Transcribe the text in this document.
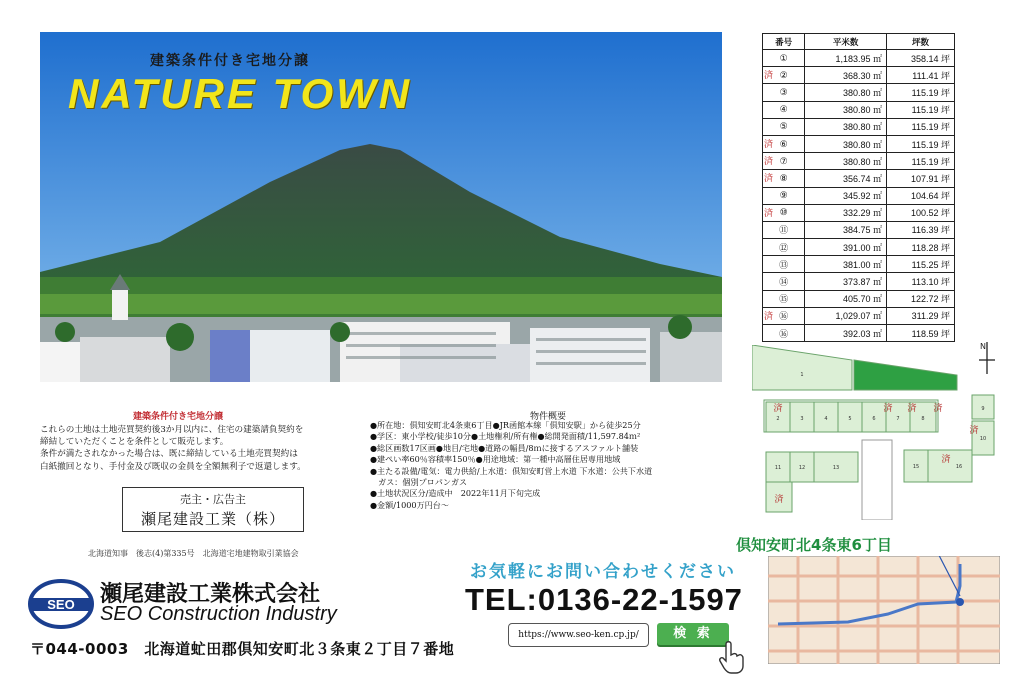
建築条件付き宅地分譲
NATURE TOWN
番号	平米数	坪数

①	1,183.95 ㎡	358.14 坪

済 ②	368.30 ㎡	111.41 坪

③	380.80 ㎡	115.19 坪

④	380.80 ㎡	115.19 坪

⑤	380.80 ㎡	115.19 坪

済 ⑥	380.80 ㎡	115.19 坪

済 ⑦	380.80 ㎡	115.19 坪

済 ⑧	356.74 ㎡	107.91 坪

⑨	345.92 ㎡	104.64 坪

済 ⑩	332.29 ㎡	100.52 坪

⑪	384.75 ㎡	116.39 坪

⑫	391.00 ㎡	118.28 坪

⑬	381.00 ㎡	115.25 坪

⑭	373.87 ㎡	113.10 坪

⑮	405.70 ㎡	122.72 坪

済 ⑯	1,029.07 ㎡	311.29 坪

⑯	392.03 ㎡	118.59 坪
建築条件付き宅地分譲
これらの土地は土地売買契約後3か月以内に、住宅の建築請負契約を
締結していただくことを条件として販売します。
条件が満たされなかった場合は、既に締結している土地売買契約は
白紙撤回となり、手付金及び既収の金員を全額無利子で返還します。
売主・広告主
瀬尾建設工業（株）
北海道知事　後志(4)第335号　北海道宅地建物取引業協会
SEO 瀬尾建設工業株式会社
SEO Construction Industry
〒044-0003　北海道虻田郡倶知安町北３条東２丁目７番地
物件概要
●所在地：倶知安町北4条東6丁目●JR函館本線「倶知安駅」から徒歩25分
●学区：東小学校/徒歩10分●土地権利/所有権●総開発面積/11,597.84ｍ²
●総区画数17区画●地目/宅地●道路の幅員/8ｍに接するアスファルト舗装
●建ぺい率60％容積率150％●用途地域：第一種中高層住居専用地域
●主たる設備/電気：電力供給/上水道：倶知安町営上水道 下水道：公共下水道
　ガス：個別プロパンガス
●土地状況区分/造成中　2022年11月下旬完成
●金額/1000万円台～
お気軽にお問い合わせください
TEL:0136-22-1597
https://www.seo-ken.cp.jp/	検 索
1
2	3	4	5	6	7	8
9
10
11	12	13	15	16
済	済 済 済
済
済
済
N
倶知安町北4条東6丁目
